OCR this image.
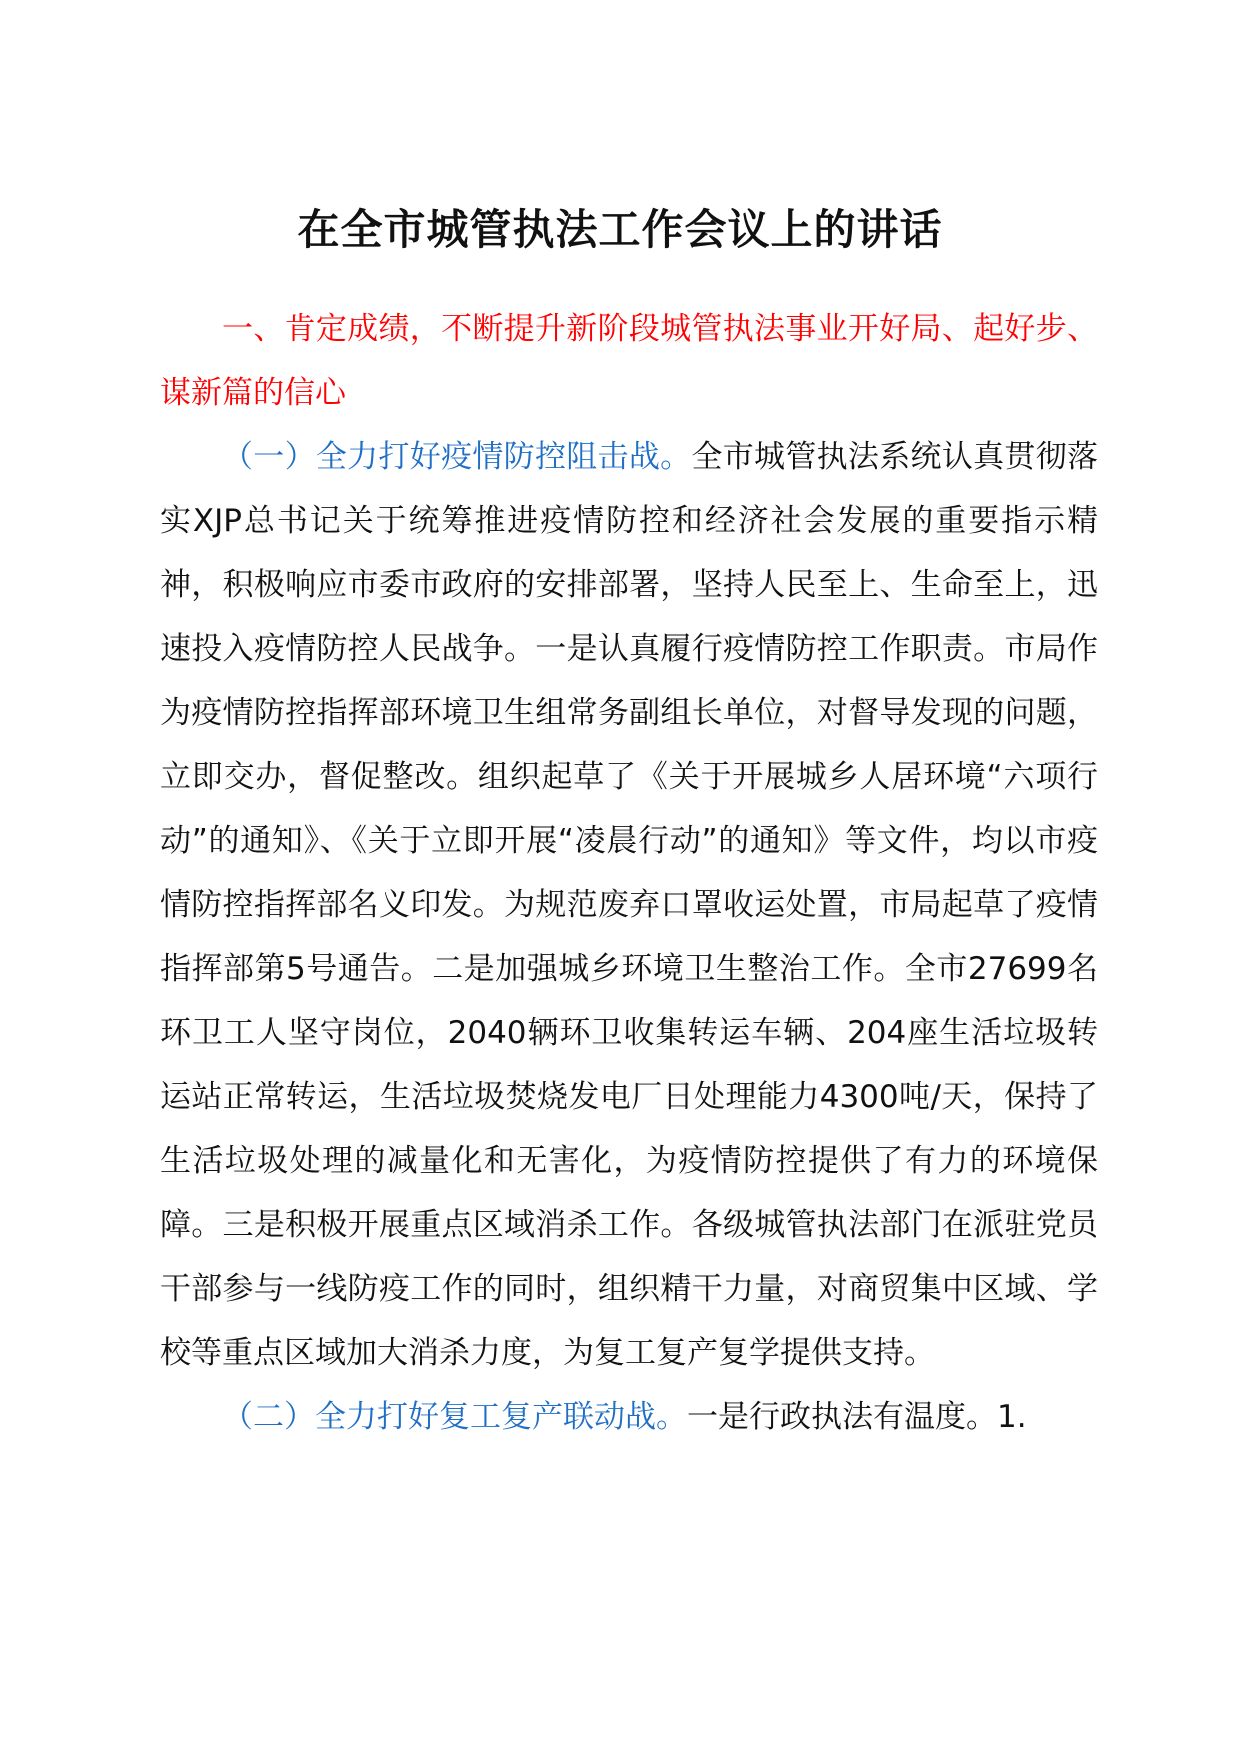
在全市城管执法工作会议上的讲话

一、肯定成绩，不断提升新阶段城管执法事业开好局、起好步、谋新篇的信心

（一）全力打好疫情防控阻击战。全市城管执法系统认真贯彻落实XJP总书记关于统筹推进疫情防控和经济社会发展的重要指示精神，积极响应市委市政府的安排部署，坚持人民至上、生命至上，迅速投入疫情防控人民战争。一是认真履行疫情防控工作职责。市局作为疫情防控指挥部环境卫生组常务副组长单位，对督导发现的问题，立即交办，督促整改。组织起草了《关于开展城乡人居环境“六项行动”的通知》、《关于立即开展“凌晨行动”的通知》等文件，均以市疫情防控指挥部名义印发。为规范废弃口罩收运处置，市局起草了疫情指挥部第5号通告。二是加强城乡环境卫生整治工作。全市27699名环卫工人坚守岗位，2040辆环卫收集转运车辆、204座生活垃圾转运站正常转运，生活垃圾焚烧发电厂日处理能力4300吨/天，保持了生活垃圾处理的减量化和无害化，为疫情防控提供了有力的环境保障。三是积极开展重点区域消杀工作。各级城管执法部门在派驻党员干部参与一线防疫工作的同时，组织精干力量，对商贸集中区域、学校等重点区域加大消杀力度，为复工复产复学提供支持。

（二）全力打好复工复产联动战。一是行政执法有温度。1.
